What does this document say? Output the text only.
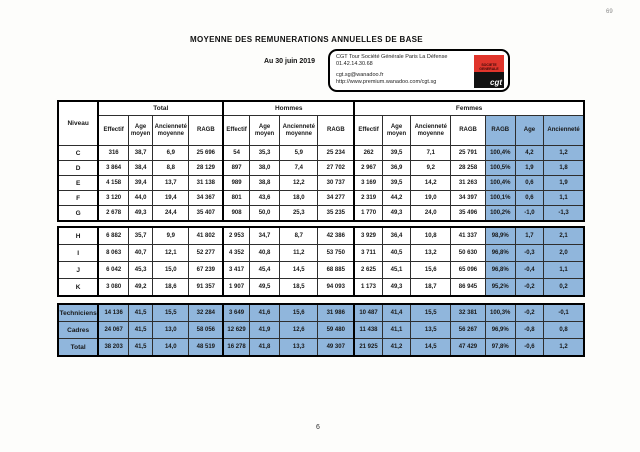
69
MOYENNE DES REMUNERATIONS ANNUELLES DE BASE
Au 30 juin 2019
CGT Tour Société Générale Paris La Défense
01.42.14.30.68
cgt.sg@wanadoo.fr
http://www.premium.wanadoo.com/cgt.sg
SOCIETE GENERALE
cgt
Niveau	Total				Hommes				Femmes						
	Effectif	Age moyen	Ancienneté moyenne	RAGB	Effectif	Age moyen	Ancienneté moyenne	RAGB	Effectif	Age moyen	Ancienneté moyenne	RAGB	RAGB	Age	Ancienneté
C	316	38,7	6,9	25 696	54	35,3	5,9	25 234	262	39,5	7,1	25 791	100,4%	4,2	1,2
D	3 864	38,4	8,8	28 129	897	38,0	7,4	27 702	2 967	36,9	9,2	28 258	100,5%	1,9	1,8
E	4 158	39,4	13,7	31 138	989	38,8	12,2	30 737	3 169	39,5	14,2	31 263	100,4%	0,6	1,9
F	3 120	44,0	19,4	34 367	801	43,6	18,0	34 277	2 319	44,2	19,0	34 397	100,1%	0,6	1,1
G	2 678	49,3	24,4	35 407	908	50,0	25,3	35 235	1 770	49,3	24,0	35 496	100,2%	-1,0	-1,3
H	6 882	35,7	9,9	41 802	2 953	34,7	8,7	42 386	3 929	36,4	10,8	41 337	98,9%	1,7	2,1
I	8 063	40,7	12,1	52 277	4 352	40,8	11,2	53 750	3 711	40,5	13,2	50 630	96,8%	-0,3	2,0
J	6 042	45,3	15,0	67 239	3 417	45,4	14,5	68 885	2 625	45,1	15,6	65 096	96,8%	-0,4	1,1
K	3 080	49,2	18,6	91 357	1 907	49,5	18,5	94 093	1 173	49,3	18,7	86 945	95,2%	-0,2	0,2
Techniciens	14 136	41,5	15,5	32 284	3 649	41,6	15,6	31 986	10 487	41,4	15,5	32 381	100,3%	-0,2	-0,1
Cadres	24 067	41,5	13,0	58 056	12 629	41,9	12,6	59 480	11 438	41,1	13,5	56 267	96,9%	-0,8	0,8
Total	38 203	41,5	14,0	48 519	16 278	41,8	13,3	49 307	21 925	41,2	14,5	47 429	97,8%	-0,6	1,2
6
